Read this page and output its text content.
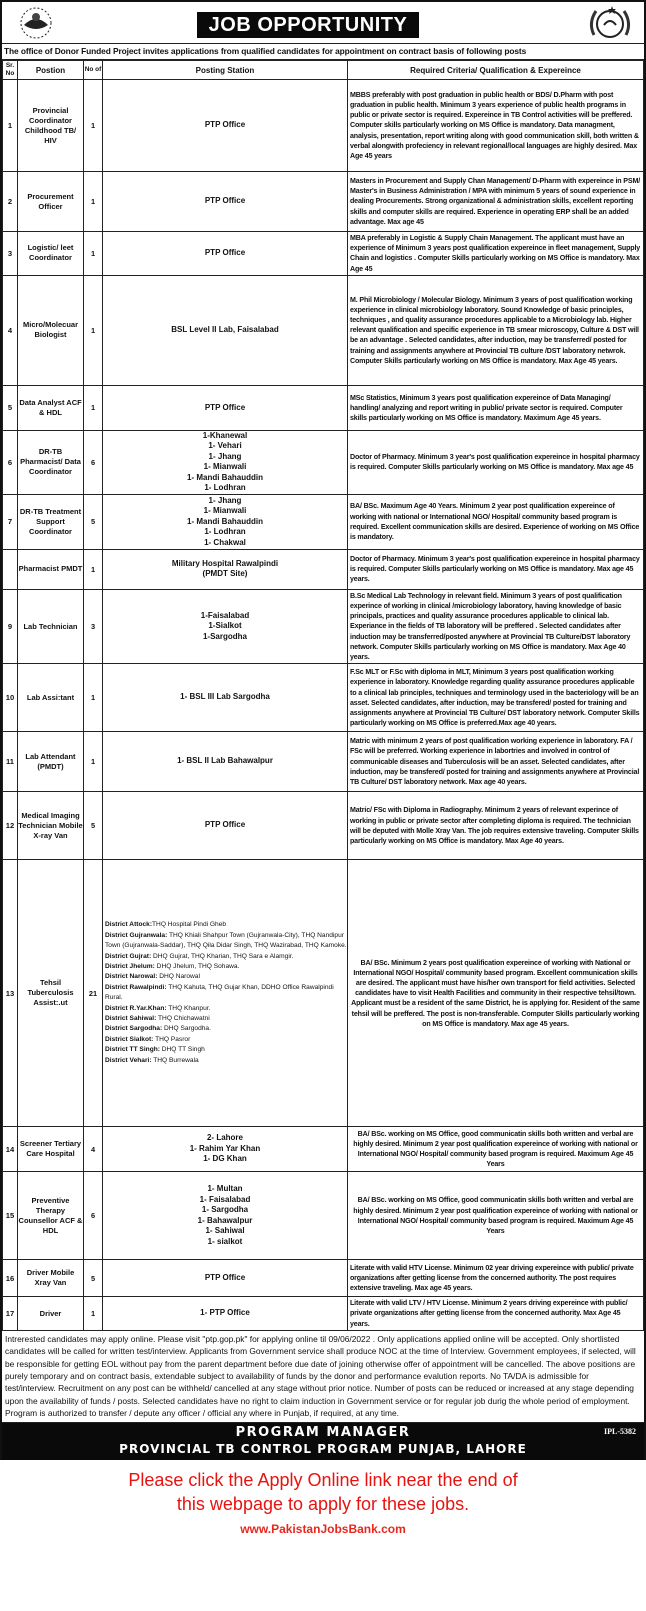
JOB OPPORTUNITY
The office of Donor Funded Project invites applications from qualified candidates for appointment on contract basis of following posts
Sr. No	Postion	No of	Posting Station	Required Criteria/ Qualification & Expereince
1	Provincial Coordinator Childhood TB/ HIV	1	PTP Office
	MBBS preferably with post graduation in public health or BDS/ D.Pharm with post graduation in public health. Minimum 3 years experience of public health programs in public or private sector is required. Expereince in TB Control activities will be preffered. Computer skills particularly working on MS Office is mandatory. Data managment, analysis, presentation, report writing along with good communication skill, both written & verbal alongwith profeciency in relevant regional/local languages are highly desired. Max Age 45 years
2	Procurement Officer	1	PTP Office
	Masters in Procurement and Supply Chan Management/ D-Pharm with expereince in PSM/ Master's in Business Administration / MPA with minimum 5 years of sound experience in dealing Procurements. Strong organizational & administration skills, excellent reporting skills and computer skills are required. Experience in operating ERP shall be an added advantage. Max age 45
3	Logistic/ leet Coordinator	1	PTP Office
	MBA preferably in Logistic & Supply Chain Management. The applicant must have an experience of Minimum 3 years post qualification expereince in fleet management, Supply Chain and logistics . Computer Skills particularly working on MS Office is mandatory. Max Age 45
4	Micro/Molecuar Biologist	1	BSL Level II Lab, Faisalabad
	M. Phil Microbiology / Molecular Biology. Minimum 3 years of post qualification working experience in clinical microbiology laboratory. Sound Knowledge of basic principles, techniques , and quality assurance procedures applicable to a Microbiology lab. Higher relevant qualification and specific experience in TB smear microscopy, Culture & DST will be an advantage . Selected candidates, after induction, may be transferred/ posted for training and assignments anywhere at Provincial TB culture /DST laboratory netwrok. Computer Skills particularly working on MS Office is mandatory. Max Age 45 years.
5	Data Analyst ACF & HDL	1	PTP Office
	MSc Statistics, Minimum 3 years post qualification expereince of Data Managing/ handling/ analyzing and report writing in public/ private sector is required. Computer skills particularly working on MS Office is mandatory. Maximum Age 45 years.
6	DR-TB Pharmacist/ Data Coordinator	6	
1-Khanewal
1- Vehari
1- Jhang
1- Mianwali
1- Mandi Bahauddin
1- Lodhran
	Doctor of Pharmacy. Minimum 3 year's post qualification expereince in hospital pharmacy is required. Computer Skills particularly working on MS Office is mandatory. Max age 45
7	DR-TB Treatment Support Coordinator	5	
1- Jhang
1- Mianwali
1- Mandi Bahauddin
1- Lodhran
1- Chakwal
	BA/ BSc. Maximum Age 40 Years. Minimum 2 year post qualification expereince of working with national or International NGO/ Hospital/ community based program is required. Excellent communication skills are desired. Experience of working on MS Office is mandatory.
	Pharmacist PMDT	1	
Military Hospital Rawalpindi
(PMDT Site)
	Doctor of Pharmacy. Minimum 3 year's post qualification expereince in hospital pharmacy is required. Computer Skills particularly working on MS Office is mandatory. Max age 45 years.
9	Lab Technician	3	
1-Faisalabad
1-Sialkot
1-Sargodha
	B.Sc Medical Lab Technology in relevant field. Minimum 3 years of post qualification experince of working in clinical /microbiology laboratory, having knowledge of basic principals, practices and quality assurance procedures applicable to clinical lab. Experiance in the fields of TB laboratory will be preffered . Selected candidates after induction may be transferred/posted anywhere at Provincial TB Culture/DST laboratory network. Computer Skills particularly working on MS Office is mandatory. Max Age 40 years.
10	Lab Assi:tant	1	1- BSL III Lab Sargodha
	F.Sc MLT or F.Sc with diploma in MLT, Minimum 3 years post qualification working experience in laboratory. Knowledge regarding quality assurance procedures applicable to a clinical lab principles, techniques and terminology used in the bacteriology will be an asset. Selected candidates, after induction, may be transfered/ posted for training and assignments anywhere at Provincial TB Culture/ DST laboratory network. Computer Skills particularly working on MS Office is preferred.Max age 40 years.
11	Lab Attendant (PMDT)	1	1- BSL II Lab Bahawalpur
	Matric with minimum 2 years of post qualification working experience in laboratory. FA / FSc will be preferred. Working experience in labortries and involved in control of communicable diseases and Tuberculosis will be an asset. Selected candidates, after induction, may be transfered/ posted for training and assignments anywhere at Provincial TB Culture/ DST laboratory network. Max age 40 years.
12	Medical Imaging Technician Mobile X-ray Van	5	PTP Office
	Matric/ FSc with Diploma in Radiography. Minimum 2 years of relevant experince of working in public or private sector after completing diploma is required. The technician will be deputed with Molle Xray Van. The job requires extensive traveling. Computer Skills particularly working on MS Office is mandatory. Max Age 40 years.
13	Tehsil Tuberculosis Assist:.ut	21	
District Attock:THQ Hospital Pindi Gheb
District Gujranwala: THQ Khiali Shahpur Town (Gujranwala-City), THQ Nandipur Town (Gujranwala-Saddar), THQ Qila Didar Singh, THQ Wazirabad, THQ Kamoke.
District Gujrat: DHQ Gujrat, THQ Kharian, THQ Sara e Alamgir.
District Jhelum: DHQ Jhelum, THQ Sohawa.
District Narowal: DHQ Narowal
District Rawalpindi: THQ Kahuta, THQ Gujar Khan, DDHO Office Rawalpindi Rural.
District R.Yar.Khan: THQ Khanpur.
District Sahiwal: THQ Chichawatni
District Sargodha: DHQ Sargodha.
District Sialkot: THQ Pasror
District TT Singh: DHQ TT Singh
District Vehari: THQ Burrewala
	BA/ BSc. Minimum 2 years post qualification expereince of working with National or International NGO/ Hospital/ community based program. Excellent communication skills are desired. The applicant must have his/her own transport for field activities. Selected candidates have to visit Health Facilities and community in their respective tehsil/town. Applicant must be a resident of the same District, he is applying for. Resident of the same tehsil will be preffered. The post is non-transferable. Computer Skills particularly working on MS Office is mandatory. Max age 45 years.
14	Screener Tertiary Care Hospital	4	
2- Lahore
1- Rahim Yar Khan
1- DG Khan
	BA/ BSc. working on MS Office, good communicatin skills both written and verbal are highly desired. Minimum 2 year post qualification expereince of working with national or International NGO/ Hospital/ community based program is required. Maximum Age 45 Years
15	Preventive Therapy Counsellor ACF & HDL	6	
1- Multan
1- Faisalabad
1- Sargodha
1- Bahawalpur
1- Sahiwal
1- sialkot
	BA/ BSc. working on MS Office, good communicatin skills both written and verbal are highly desired. Minimum 2 year post qualification expereince of working with national or International NGO/ Hospital/ community based program is required. Maximum Age 45 Years
16	Driver Mobile Xray Van	5	PTP Office
	Literate with valid HTV License. Minimum 02 year driving expereince with public/ private organizations after getting license from the concerned authority. The post requires extensive traveling. Max age 45 years.
17	Driver	1	1- PTP Office
	Literate with valid LTV / HTV License. Minimum 2 years driving expereince with public/ private organizations after getting license from the concerned authority. Max Age 45 years.
Intrerested candidates may apply online. Please visit "ptp.gop.pk" for applying online til 09/06/2022 . Only applications applied online will be accepted. Only shortlisted candidates will be called for written test/interview. Applicants from Government service shall produce NOC at the time of Interview. Government employees, if selected, will be responsible for getting EOL without pay from the parent department before due date of joining otherwise offer of appointment will be cancelled. The above positions are purely temporary and on contract basis, extendable subject to availability of funds by the donor and performance evalution reports. No TA/DA is admissible for test/interview. Recruitment on any post can be withheld/ cancelled at any stage without prior notice. Number of posts can be reduced or increased at any stage depending upon the availability of funds / posts. Selected candidates have no right to claim induction in Government service or for regular job durig the whole period of employment. Program is authorized to transfer / depute any officer / official any where in Punjab, if required, at any time.
PROGRAM MANAGER
PROVINCIAL TB CONTROL PROGRAM PUNJAB, LAHORE
IPL-5382
Please click the Apply Online link near the end of
this webpage to apply for these jobs.
www.PakistanJobsBank.com
